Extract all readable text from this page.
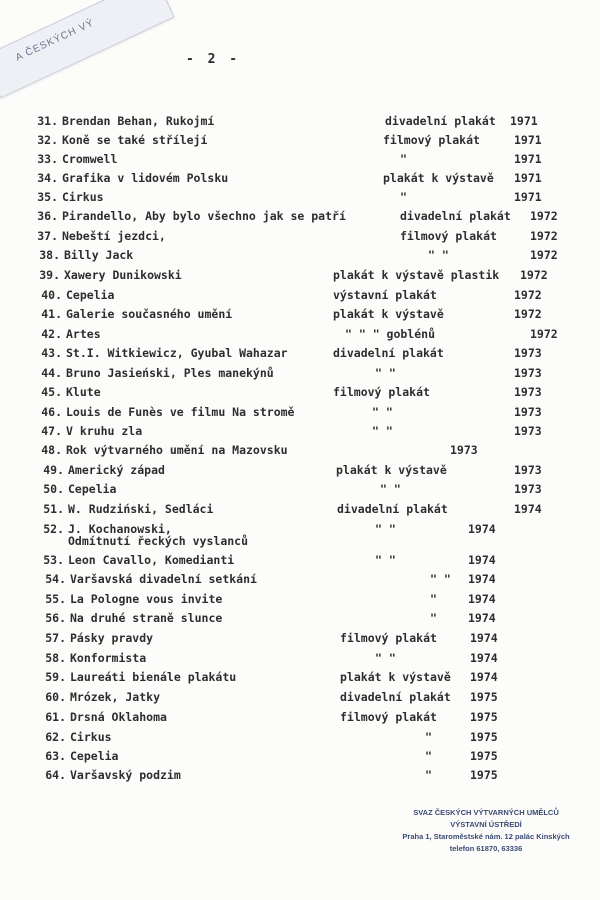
A ČESKÝCH VÝ	- 2 -
31. Brendan Behan, Rukojmí	divadelní plakát 1971
32. Koně se také střílejí	filmový plakát	1971
33. Cromwell	"	1971
34. Grafika v lidovém Polsku	plakát k výstavě 1971
35. Cirkus	"	1971
36. Pirandello, Aby bylo všechno jak se patří	divadelní plakát 1972
37. Nebeští jezdci,	filmový plakát	1972
38. Billy Jack	" "	1972
39. Xawery Dunikowski	plakát k výstavě plastik 1972
40. Cepelia	výstavní plakát	1972
41. Galerie současného umění	plakát k výstavě	1972
42. Artes	" " " goblénů	1972
43. St.I. Witkiewicz, Gyubal Wahazar	divadelní plakát	1973
44. Bruno Jasieński, Ples manekýnů	" "	1973
45. Klute	filmový plakát	1973
46. Louis de Funès ve filmu Na stromě	" "	1973
47. V kruhu zla	" "	1973
48. Rok výtvarného umění na Mazovsku	1973
49. Americký západ	plakát k výstavě	1973
50. Cepelia	" "	1973
51. W. Rudziński, Sedláci	divadelní plakát	1974
52. J. Kochanowski,
Odmítnutí řeckých vyslanců
" "	1974
53. Leon Cavallo, Komedianti	" "	1974
54. Varšavská divadelní setkání	" " 1974
55. La Pologne vous invite	"	1974
56. Na druhé straně slunce	"	1974
57. Pásky pravdy	filmový plakát	1974
58. Konformista	" "	1974
59. Laureáti bienále plakátu	plakát k výstavě 1974
60. Mrózek, Jatky	divadelní plakát 1975
61. Drsná Oklahoma	filmový plakát	1975
62. Cirkus	"	1975
63. Cepelia	"	1975
64. Varšavský podzim	"	1975
SVAZ ČESKÝCH VÝTVARNÝCH UMĚLCŮ
VÝSTAVNÍ ÚSTŘEDÍ
Praha 1, Staroměstské nám. 12 palác Kinských
telefon 61870, 63336
